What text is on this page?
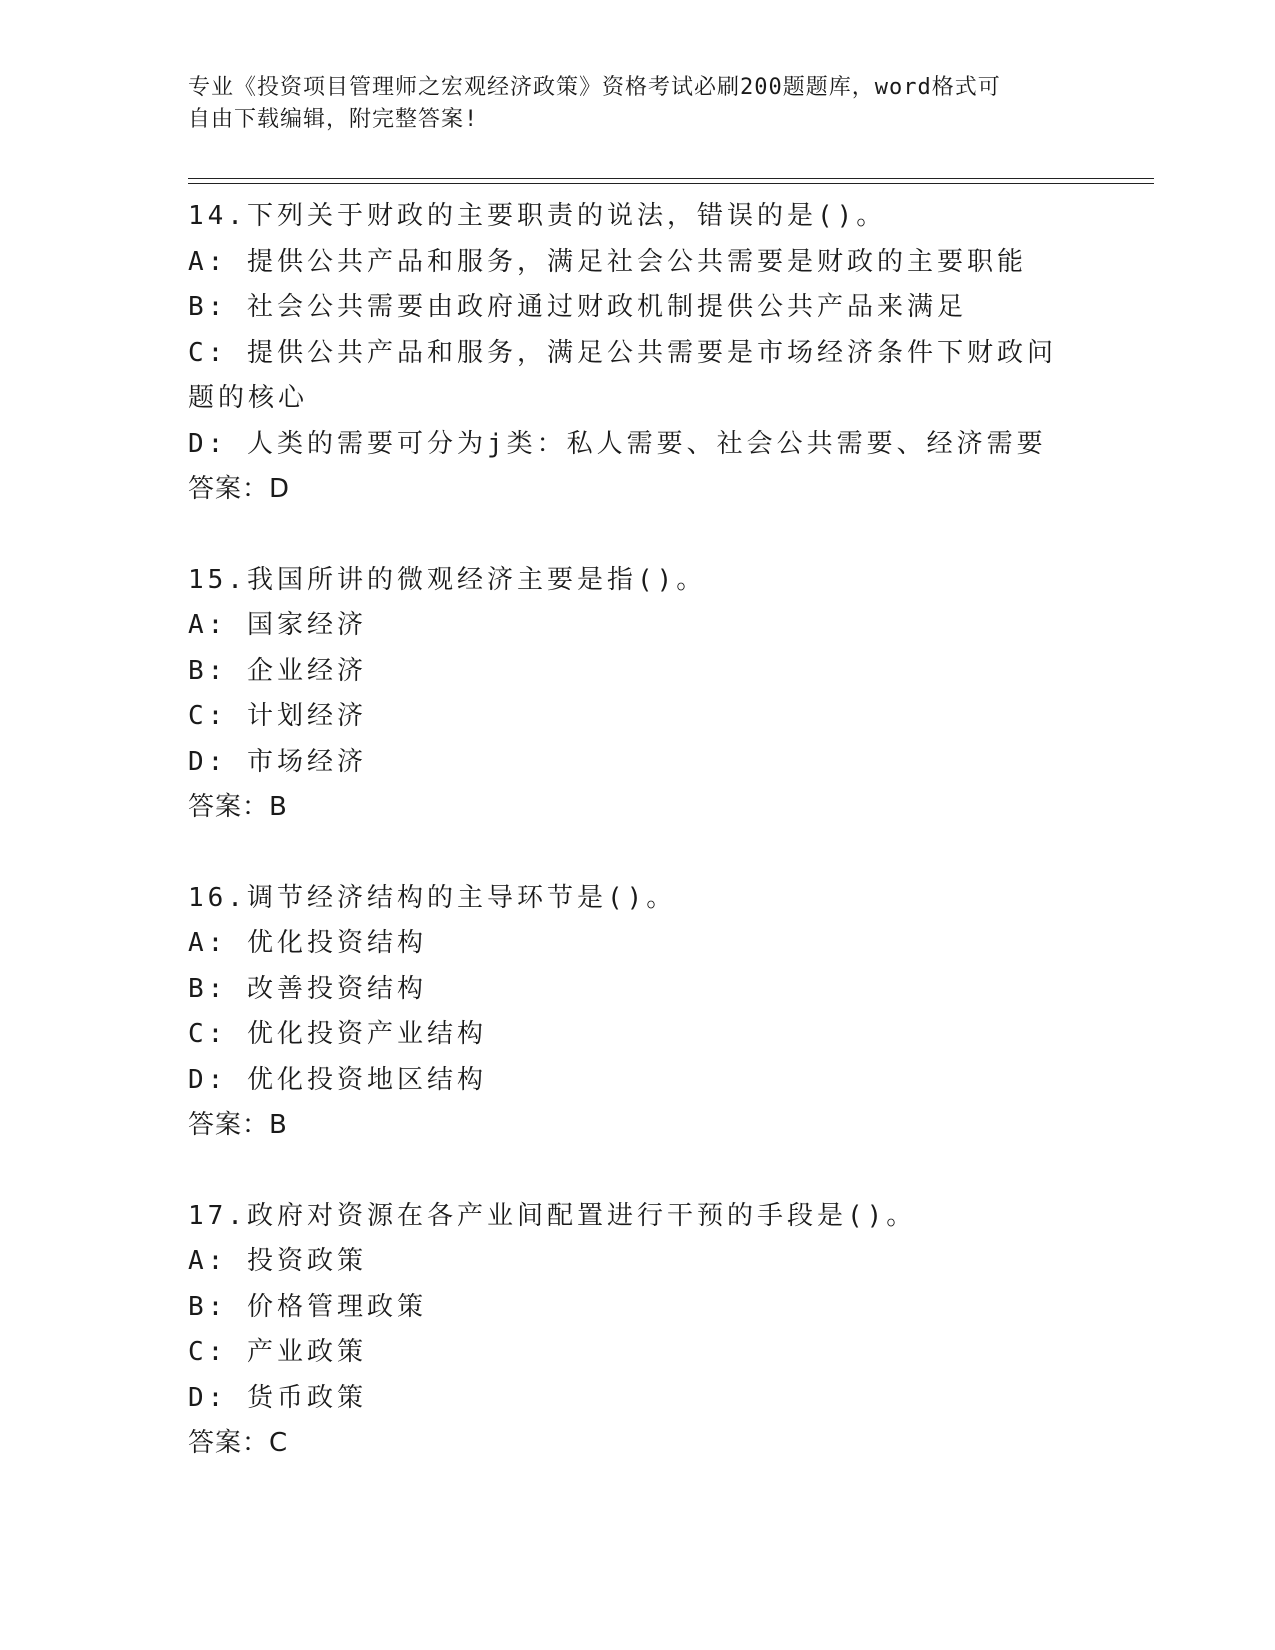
专业《投资项目管理师之宏观经济政策》资格考试必刷200题题库，word格式可
自由下载编辑，附完整答案!
14.下列关于财政的主要职责的说法，错误的是()。
A: 提供公共产品和服务，满足社会公共需要是财政的主要职能
B: 社会公共需要由政府通过财政机制提供公共产品来满足
C: 提供公共产品和服务，满足公共需要是市场经济条件下财政问题的核心
D: 人类的需要可分为j类：私人需要、社会公共需要、经济需要
答案：D
15.我国所讲的微观经济主要是指()。
A: 国家经济
B: 企业经济
C: 计划经济
D: 市场经济
答案：B
16.调节经济结构的主导环节是()。
A: 优化投资结构
B: 改善投资结构
C: 优化投资产业结构
D: 优化投资地区结构
答案：B
17.政府对资源在各产业间配置进行干预的手段是()。
A: 投资政策
B: 价格管理政策
C: 产业政策
D: 货币政策
答案：C
